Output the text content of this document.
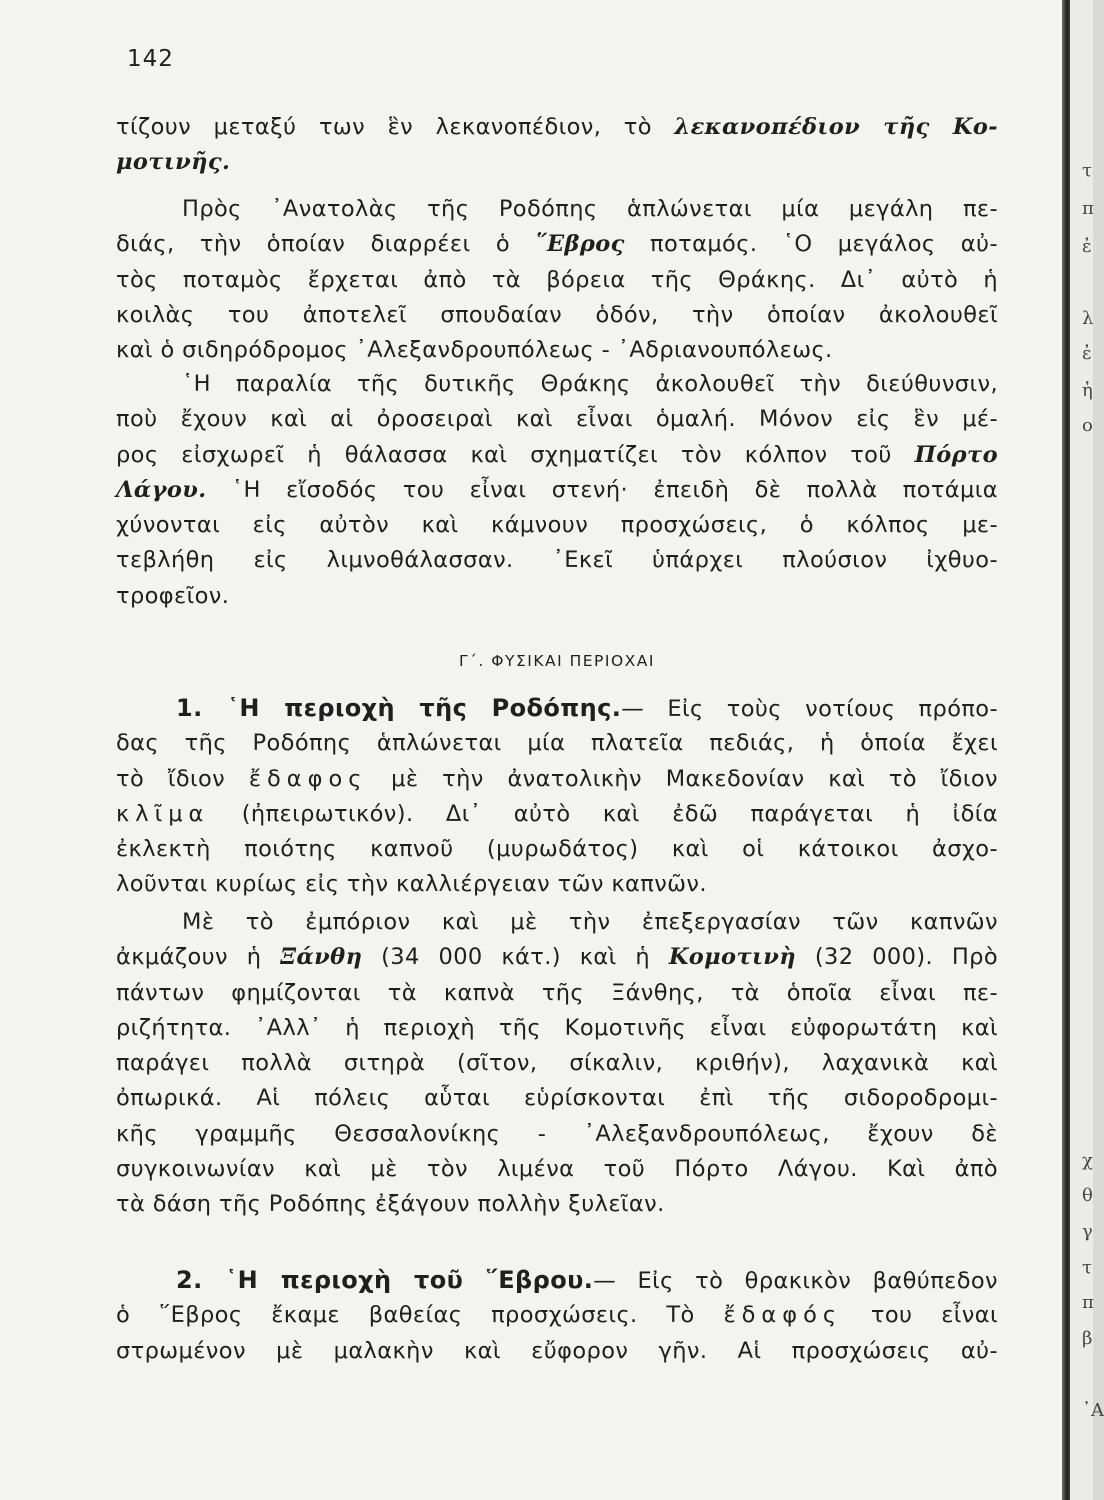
142
τίζουν μεταξύ των ἓν λεκανοπέδιον, τὸ λεκανοπέδιον τῆς Κο-
μοτινῆς.
Πρὸς ᾿Ανατολὰς τῆς Ροδόπης ἁπλώνεται μία μεγάλη πε-
διάς, τὴν ὁποίαν διαρρέει ὁ ῞Εβρος ποταμός. ῾Ο μεγάλος αὐ-
τὸς ποταμὸς ἔρχεται ἀπὸ τὰ βόρεια τῆς Θράκης. Δι᾿ αὐτὸ ἡ
κοιλὰς του ἀποτελεῖ σπουδαίαν ὁδόν, τὴν ὁποίαν ἀκολουθεῖ
καὶ ὁ σιδηρόδρομος ᾿Αλεξανδρουπόλεως - ᾿Αδριανουπόλεως.
῾Η παραλία τῆς δυτικῆς Θράκης ἀκολουθεῖ τὴν διεύθυνσιν,
ποὺ ἔχουν καὶ αἱ ὀροσειραὶ καὶ εἶναι ὁμαλή. Μόνον εἰς ἓν μέ-
ρος εἰσχωρεῖ ἡ θάλασσα καὶ σχηματίζει τὸν κόλπον τοῦ Πόρτο
Λάγου. ῾Η εἴσοδός του εἶναι στενή· ἐπειδὴ δὲ πολλὰ ποτάμια
χύνονται εἰς αὐτὸν καὶ κάμνουν προσχώσεις, ὁ κόλπος με-
τεβλήθη εἰς λιμνοθάλασσαν. ᾿Εκεῖ ὑπάρχει πλούσιον ἰχθυο-
τροφεῖον.
Γ΄. ΦΥΣΙΚΑΙ ΠΕΡΙΟΧΑΙ
1. ῾Η περιοχὴ τῆς Ροδόπης.— Εἰς τοὺς νοτίους πρόπο-
δας τῆς Ροδόπης ἁπλώνεται μία πλατεῖα πεδιάς, ἡ ὁποία ἔχει
τὸ ἴδιον ἔδαφος μὲ τὴν ἀνατολικὴν Μακεδονίαν καὶ τὸ ἴδιον
κλῖμα (ἠπειρωτικόν). Δι᾿ αὐτὸ καὶ ἐδῶ παράγεται ἡ ἰδία
ἐκλεκτὴ ποιότης καπνοῦ (μυρωδάτος) καὶ οἱ κάτοικοι ἀσχο-
λοῦνται κυρίως εἰς τὴν καλλιέργειαν τῶν καπνῶν.
Μὲ τὸ ἐμπόριον καὶ μὲ τὴν ἐπεξεργασίαν τῶν καπνῶν
ἀκμάζουν ἡ Ξάνθη (34 000 κάτ.) καὶ ἡ Κομοτινὴ (32 000). Πρὸ
πάντων φημίζονται τὰ καπνὰ τῆς Ξάνθης, τὰ ὁποῖα εἶναι πε-
ριζήτητα. ᾿Αλλ᾿ ἡ περιοχὴ τῆς Κομοτινῆς εἶναι εὐφορωτάτη καὶ
παράγει πολλὰ σιτηρὰ (σῖτον, σίκαλιν, κριθήν), λαχανικὰ καὶ
ὀπωρικά. Αἱ πόλεις αὗται εὑρίσκονται ἐπὶ τῆς σιδοροδρομι-
κῆς γραμμῆς Θεσσαλονίκης - ᾿Αλεξανδρουπόλεως, ἔχουν δὲ
συγκοινωνίαν καὶ μὲ τὸν λιμένα τοῦ Πόρτο Λάγου. Καὶ ἀπὸ
τὰ δάση τῆς Ροδόπης ἐξάγουν πολλὴν ξυλεῖαν.
2. ῾Η περιοχὴ τοῦ ῞Εβρου.— Εἰς τὸ θρακικὸν βαθύπεδον
ὁ ῞Εβρος ἔκαμε βαθείας προσχώσεις. Τὸ ἔδαφός του εἶναι
στρωμένον μὲ μαλακὴν καὶ εὔφορον γῆν. Αἱ προσχώσεις αὐ-
τ
π
ἐ
λ
ἐ
ἡ
ο
χ
θ
γ
τ
π
β
᾿Α
